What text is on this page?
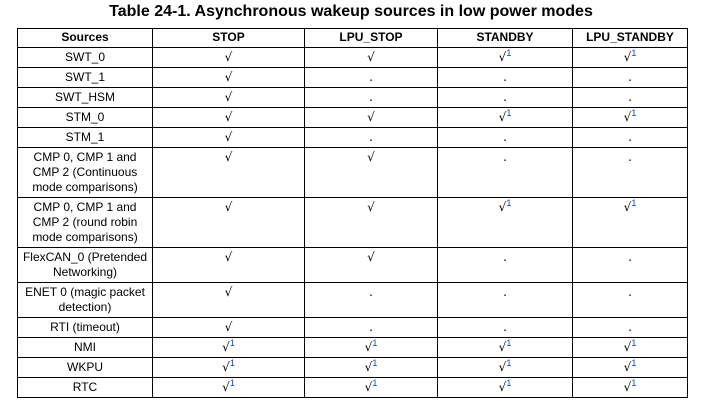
Table 24-1. Asynchronous wakeup sources in low power modes
Sources	STOP	LPU_STOP	STANDBY	LPU_STANDBY
SWT_0	√	√	√$^1$	√$^1$
SWT_1	√	.	.	.
SWT_HSM	√	.	.	.
STM_0	√	√	√$^1$	√$^1$
STM_1	√	.	.	.
CMP 0, CMP 1 and CMP 2 (Continuous mode comparisons)	√	√	.	.
CMP 0, CMP 1 and CMP 2 (round robin mode comparisons)	√	√	√$^1$	√$^1$
FlexCAN_0 (Pretended Networking)	√	√	.	.
ENET 0 (magic packet detection)	√	.	.	.
RTI (timeout)	√	.	.	.
NMI	√$^1$	√$^1$	√$^1$	√$^1$
WKPU	√$^1$	√$^1$	√$^1$	√$^1$
RTC	√$^1$	√$^1$	√$^1$	√$^1$
